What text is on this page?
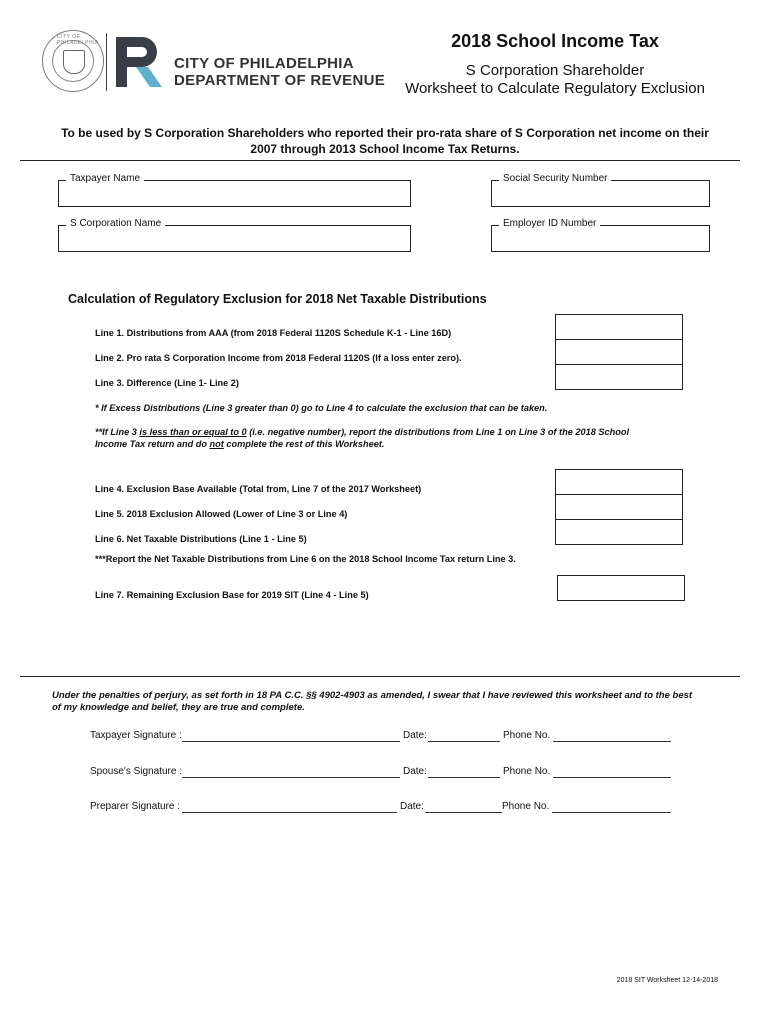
CITY OF PHILADELPHIA
CITY OF PHILADELPHIA
DEPARTMENT OF REVENUE
2018 School Income Tax
S Corporation Shareholder
Worksheet to Calculate Regulatory Exclusion
To be used by S Corporation Shareholders who reported their pro-rata share of S Corporation net income on their
2007 through 2013 School Income Tax Returns.
Taxpayer Name	Social Security Number
S Corporation Name	Employer ID Number
Calculation of Regulatory Exclusion for 2018 Net Taxable Distributions
Line 1. Distributions from AAA (from 2018 Federal 1120S Schedule K-1 - Line 16D)
Line 2. Pro rata S Corporation Income from 2018 Federal 1120S (If a loss enter zero).
Line 3. Difference (Line 1- Line 2)
* If Excess Distributions (Line 3 greater than 0) go to Line 4 to calculate the exclusion that can be taken.
**If Line 3 is less than or equal to 0 (i.e. negative number), report the distributions from Line 1 on Line 3 of the 2018 School
Income Tax return and do not complete the rest of this Worksheet.
Line 4. Exclusion Base Available (Total from, Line 7 of the 2017 Worksheet)
Line 5. 2018 Exclusion Allowed (Lower of Line 3 or Line 4)
Line 6. Net Taxable Distributions (Line 1 - Line 5)
***Report the Net Taxable Distributions from Line 6 on the 2018 School Income Tax return Line 3.
Line 7. Remaining Exclusion Base for 2019 SIT (Line 4 - Line 5)
Under the penalties of perjury, as set forth in 18 PA C.C. §§ 4902-4903 as amended, I swear that I have reviewed this worksheet and to the best
of my knowledge and belief, they are true and complete.
Taxpayer Signature :	Date:	Phone No.
Spouse's Signature :	Date:	Phone No.
Preparer Signature :	Date:	Phone No.
2018 SIT Worksheet 12-14-2018
